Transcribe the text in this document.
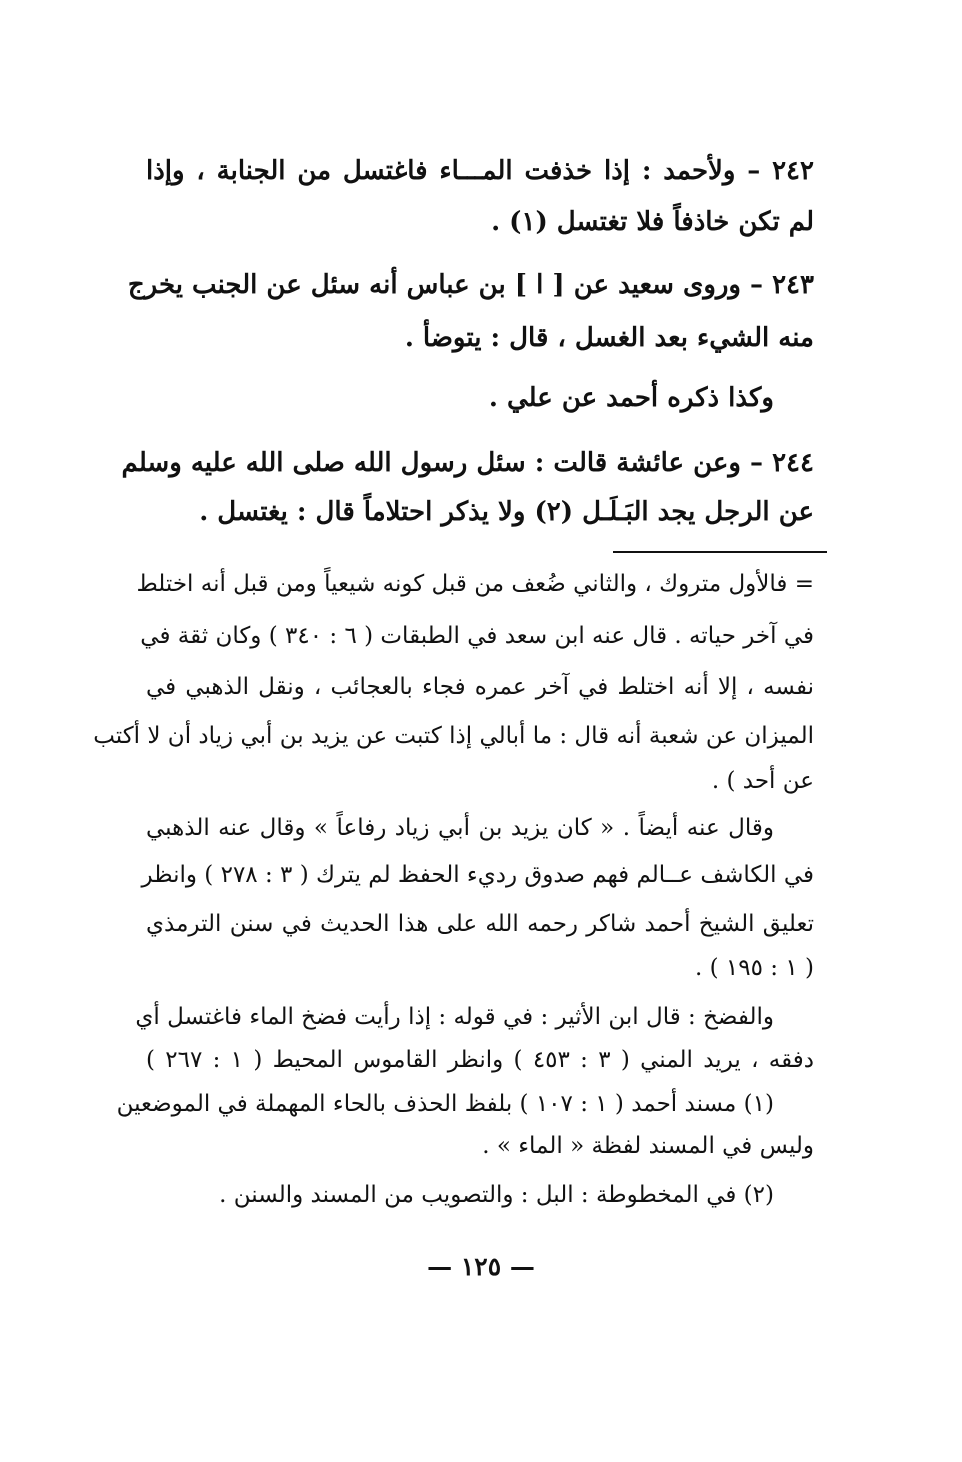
٢٤٢ – ولأحمد : إذا خذفت المـــاء فاغتسل من الجنابة ، وإذا
لم تكن خاذفاً فلا تغتسل (١) .
٢٤٣ – وروى سعيد عن [ ا ] بن عباس أنه سئل عن الجنب يخرج
منه الشيء بعد الغسل ، قال : يتوضأ .
وكذا ذكره أحمد عن علي .
٢٤٤ – وعن عائشة قالت : سئل رسول الله صلى الله عليه وسلم
عن الرجل يجد البَـلَـل (٢) ولا يذكر احتلاماً قال : يغتسل .
= فالأول متروك ، والثاني ضُعف من قبل كونه شيعياً ومن قبل أنه اختلط
في آخر حياته . قال عنه ابن سعد في الطبقات ( ٦ : ٣٤٠ ) وكان ثقة في
نفسه ، إلا أنه اختلط في آخر عمره فجاء بالعجائب ، ونقل الذهبي في
الميزان عن شعبة أنه قال : ما أبالي إذا كتبت عن يزيد بن أبي زياد أن لا أكتب
عن أحد ) .
وقال عنه أيضاً . « كان يزيد بن أبي زياد رفاعاً » وقال عنه الذهبي
في الكاشف عــالم فهم صدوق رديء الحفظ لم يترك ( ٣ : ٢٧٨ ) وانظر
تعليق الشيخ أحمد شاكر رحمه الله على هذا الحديث في سنن الترمذي
( ١ : ١٩٥ ) .
والفضخ : قال ابن الأثير : في قوله : إذا رأيت فضخ الماء فاغتسل أي
دفقه ، يريد المني ( ٣ : ٤٥٣ ) وانظر القاموس المحيط ( ١ : ٢٦٧ )
(١) مسند أحمد ( ١ : ١٠٧ ) بلفظ الحذف بالحاء المهملة في الموضعين
وليس في المسند لفظة « الماء » .
(٢) في المخطوطة : البل : والتصويب من المسند والسنن .
— ١٢٥ —
